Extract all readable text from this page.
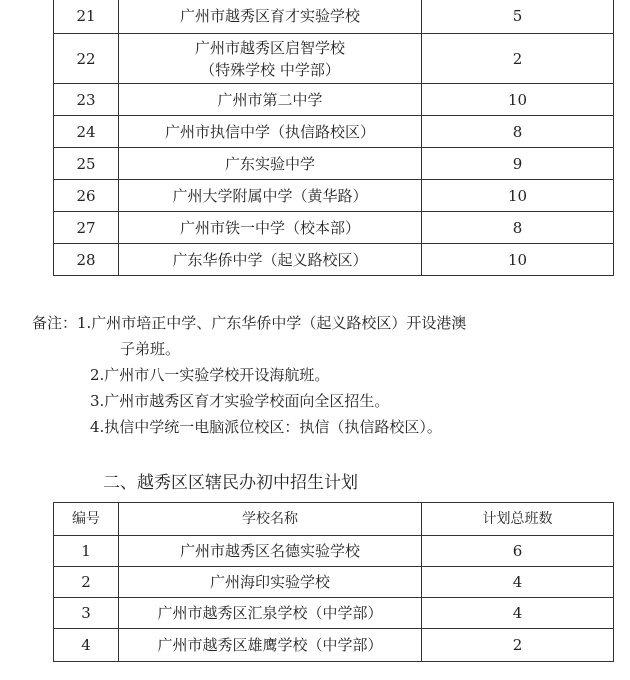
21	广州市越秀区育才实验学校	5
22	广州市越秀区启智学校
（特殊学校 中学部）	2
23	广州市第二中学	10
24	广州市执信中学（执信路校区）	8
25	广东实验中学	9
26	广州大学附属中学（黄华路）	10
27	广州市铁一中学（校本部）	8
28	广东华侨中学（起义路校区）	10
备注：1.广州市培正中学、广东华侨中学（起义路校区）开设港澳
子弟班。
2.广州市八一实验学校开设海航班。
3.广州市越秀区育才实验学校面向全区招生。
4.执信中学统一电脑派位校区：执信（执信路校区）。
二、越秀区区辖民办初中招生计划
编号	学校名称	计划总班数
1	广州市越秀区名德实验学校	6
2	广州海印实验学校	4
3	广州市越秀区汇泉学校（中学部）	4
4	广州市越秀区雄鹰学校（中学部）	2
